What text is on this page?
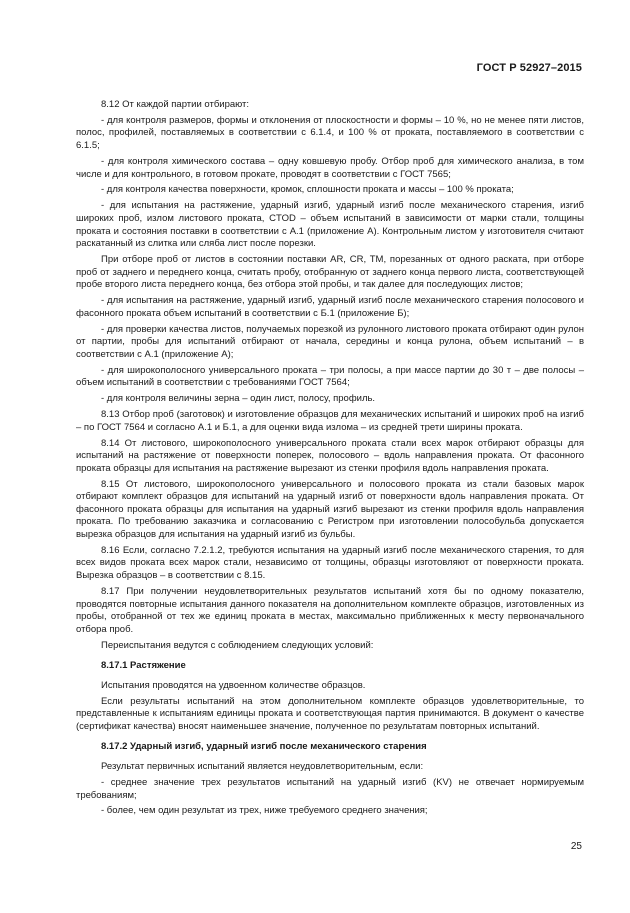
ГОСТ Р 52927–2015

8.12 От каждой партии отбирают:

- для контроля размеров, формы и отклонения от плоскостности и формы – 10 %, но не менее пяти листов, полос, профилей, поставляемых в соответствии с 6.1.4, и 100 % от проката, поставляемого в соответствии с 6.1.5;

- для контроля химического состава – одну ковшевую пробу. Отбор проб для химического анализа, в том числе и для контрольного, в готовом прокате, проводят в соответствии с ГОСТ 7565;

- для контроля качества поверхности, кромок, сплошности проката и массы – 100 % проката;

- для испытания на растяжение, ударный изгиб, ударный изгиб после механического старения, изгиб широких проб, излом листового проката, CTOD – объем испытаний в зависимости от марки стали, толщины проката и состояния поставки в соответствии с А.1 (приложение А). Контрольным листом у изготовителя считают раскатанный из слитка или сляба лист после порезки.

При отборе проб от листов в состоянии поставки AR, CR, TM, порезанных от одного раската, при отборе проб от заднего и переднего конца, считать пробу, отобранную от заднего конца первого листа, соответствующей пробе второго листа переднего конца, без отбора этой пробы, и так далее для последующих листов;

- для испытания на растяжение, ударный изгиб, ударный изгиб после механического старения полосового и фасонного проката объем испытаний в соответствии с Б.1 (приложение Б);

- для проверки качества листов, получаемых порезкой из рулонного листового проката отбирают один рулон от партии, пробы для испытаний отбирают от начала, середины и конца рулона, объем испытаний – в соответствии с А.1 (приложение А);

- для широкополосного универсального проката – три полосы, а при массе партии до 30 т – две полосы – объем испытаний в соответствии с требованиями ГОСТ 7564;

- для контроля величины зерна – один лист, полосу, профиль.

8.13 Отбор проб (заготовок) и изготовление образцов для механических испытаний и широких проб на изгиб – по ГОСТ 7564 и согласно А.1 и Б.1, а для оценки вида излома – из средней трети ширины проката.

8.14 От листового, широкополосного универсального проката стали всех марок отбирают образцы для испытаний на растяжение от поверхности поперек, полосового – вдоль направления проката. От фасонного проката образцы для испытания на растяжение вырезают из стенки профиля вдоль направления проката.

8.15 От листового, широкополосного универсального и полосового проката из стали базовых марок отбирают комплект образцов для испытаний на ударный изгиб от поверхности вдоль направления проката. От фасонного проката образцы для испытания на ударный изгиб вырезают из стенки профиля вдоль направления проката. По требованию заказчика и согласованию с Регистром при изготовлении полособульба допускается вырезка образцов для испытания на ударный изгиб из бульбы.

8.16 Если, согласно 7.2.1.2, требуются испытания на ударный изгиб после механического старения, то для всех видов проката всех марок стали, независимо от толщины, образцы изготовляют от поверхности проката. Вырезка образцов – в соответствии с 8.15.

8.17 При получении неудовлетворительных результатов испытаний хотя бы по одному показателю, проводятся повторные испытания данного показателя на дополнительном комплекте образцов, изготовленных из пробы, отобранной от тех же единиц проката в местах, максимально приближенных к месту первоначального отбора проб.

Переиспытания ведутся с соблюдением следующих условий:

8.17.1 Растяжение

Испытания проводятся на удвоенном количестве образцов.

Если результаты испытаний на этом дополнительном комплекте образцов удовлетворительные, то представленные к испытаниям единицы проката и соответствующая партия принимаются. В документ о качестве (сертификат качества) вносят наименьшее значение, полученное по результатам повторных испытаний.

8.17.2 Ударный изгиб, ударный изгиб после механического старения

Результат первичных испытаний является неудовлетворительным, если:

- среднее значение трех результатов испытаний на ударный изгиб (KV) не отвечает нормируемым требованиям;

- более, чем один результат из трех, ниже требуемого среднего значения;

25
